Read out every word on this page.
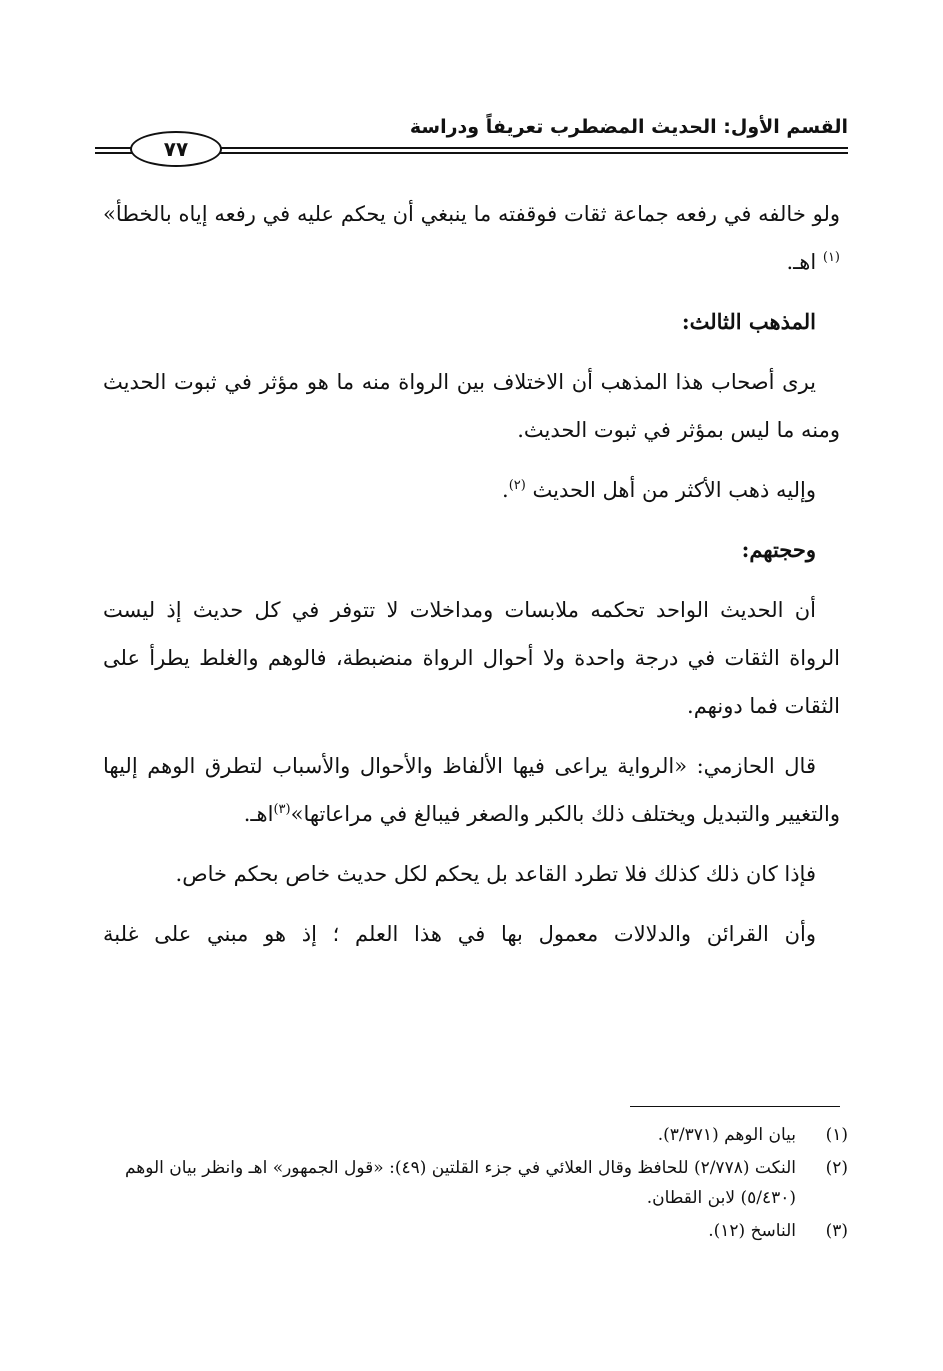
القسم الأول: الحديث المضطرب تعريفاً ودراسة
٧٧

ولو خالفه في رفعه جماعة ثقات فوقفته ما ينبغي أن يحكم عليه في رفعه إياه بالخطأ» $^{(١)}$ اهـ.

المذهب الثالث:

يرى أصحاب هذا المذهب أن الاختلاف بين الرواة منه ما هو مؤثر في ثبوت الحديث ومنه ما ليس بمؤثر في ثبوت الحديث.

وإليه ذهب الأكثر من أهل الحديث $^{(٢)}$.

وحجتهم:

أن الحديث الواحد تحكمه ملابسات ومداخلات لا تتوفر في كل حديث إذ ليست الرواة الثقات في درجة واحدة ولا أحوال الرواة منضبطة، فالوهم والغلط يطرأ على الثقات فما دونهم.

قال الحازمي: «الرواية يراعى فيها الألفاظ والأحوال والأسباب لتطرق الوهم إليها والتغيير والتبديل ويختلف ذلك بالكبر والصغر فيبالغ في مراعاتها»$^{(٣)}$اهـ.

فإذا كان ذلك كذلك فلا تطرد القاعد بل يحكم لكل حديث خاص بحكم خاص.

وأن القرائن والدلالات معمول بها في هذا العلم ؛ إذ هو مبني على غلبة

(١)
بيان الوهم (٣/٣٧١).
(٢)
النكت (٢/٧٧٨) للحافظ وقال العلائي في جزء القلتين (٤٩): «قول الجمهور» اهـ وانظر بيان الوهم (٥/٤٣٠) لابن القطان.
(٣)
الناسخ (١٢).
